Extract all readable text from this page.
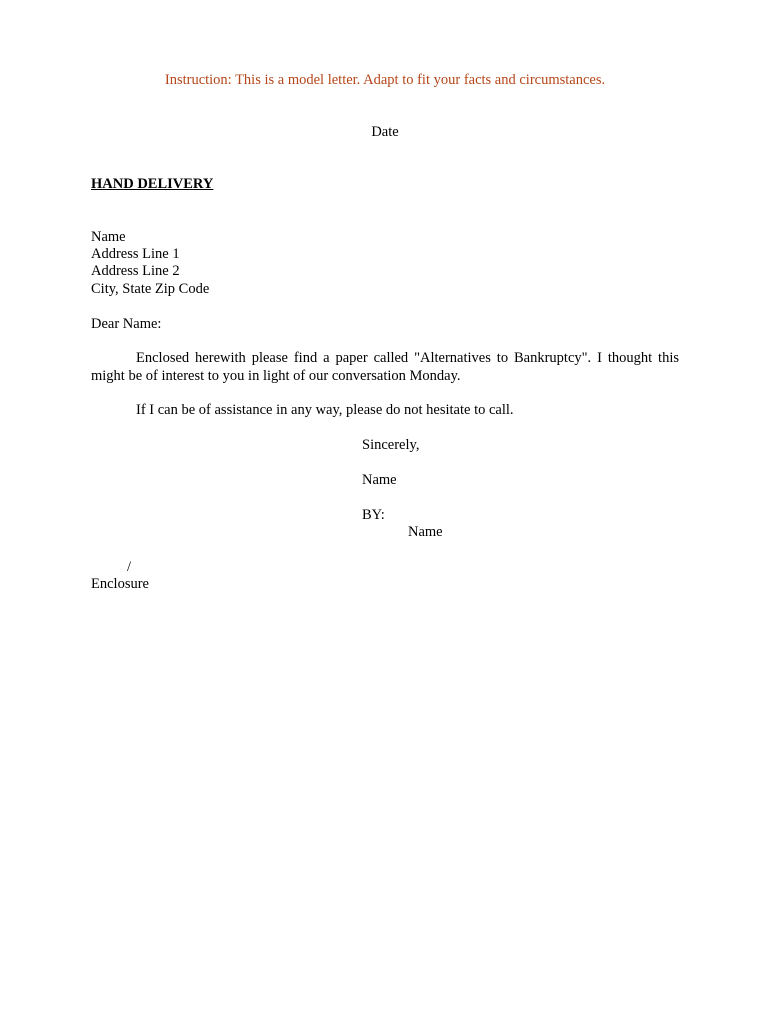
Instruction: This is a model letter. Adapt to fit your facts and circumstances.
Date
HAND DELIVERY
Name
Address Line 1
Address Line 2
City, State Zip Code
Dear Name:
Enclosed herewith please find a paper called "Alternatives to Bankruptcy". I thought this might be of interest to you in light of our conversation Monday.
If I can be of assistance in any way, please do not hesitate to call.
Sincerely,
Name
BY:
Name
/
Enclosure
